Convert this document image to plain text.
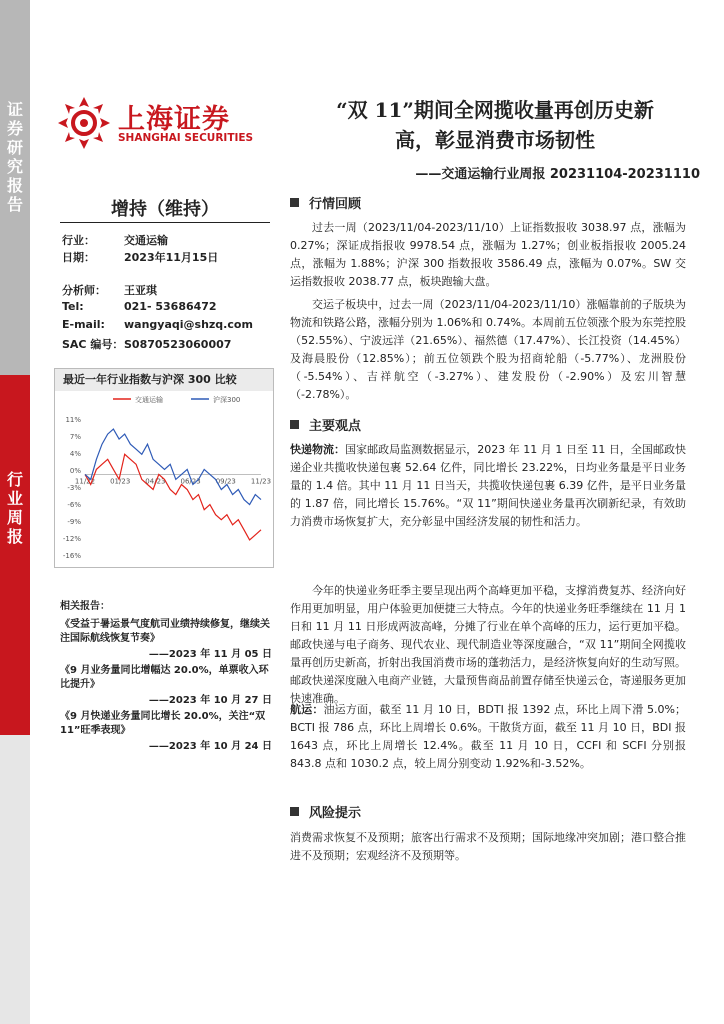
证券研究报告
行业周报
上海证券
SHANGHAI SECURITIES
“双 11”期间全网揽收量再创历史新
高，彰显消费市场韧性
——交通运输行业周报 20231104-20231110
增持（维持）
行业：	交通运输
日期：	2023年11月15日
分析师： 王亚琪
Tel:	021- 53686472
E-mail: wangyaqi@shzq.com
SAC 编号：S0870523060007
最近一年行业指数与沪深 300 比较
交通运输	沪深300
11%
7%
4%
0%
-3%
-6%
-9%
-12%
-16%
11/22 01/23 04/23 06/23 09/23 11/23
相关报告：
《受益于暑运景气度航司业绩持续修复，继续关注国际航线恢复节奏》
——2023 年 11 月 05 日
《9 月业务量同比增幅达 20.0%，单票收入环比提升》
——2023 年 10 月 27 日
《9 月快递业务量同比增长 20.0%，关注“双 11”旺季表现》
——2023 年 10 月 24 日
行情回顾
过去一周（2023/11/04-2023/11/10）上证指数报收 3038.97 点，涨幅为 0.27%；深证成指报收 9978.54 点，涨幅为 1.27%；创业板指报收 2005.24 点，涨幅为 1.88%；沪深 300 指数报收 3586.49 点，涨幅为 0.07%。SW 交运指数报收 2038.77 点，板块跑输大盘。
交运子板块中，过去一周（2023/11/04-2023/11/10）涨幅靠前的子版块为物流和铁路公路，涨幅分别为 1.06%和 0.74%。本周前五位领涨个股为东莞控股（52.55%）、宁波远洋（21.65%）、福然德（17.47%）、长江投资（14.45%）及海晨股份（12.85%）；前五位领跌个股为招商轮船（-5.77%）、龙洲股份（-5.54%）、吉祥航空（-3.27%）、建发股份（-2.90%）及宏川智慧（-2.78%）。
主要观点
快递物流：国家邮政局监测数据显示，2023 年 11 月 1 日至 11 日，全国邮政快递企业共揽收快递包裹 52.64 亿件，同比增长 23.22%，日均业务量是平日业务量的 1.4 倍。其中 11 月 11 日当天，共揽收快递包裹 6.39 亿件，是平日业务量的 1.87 倍，同比增长 15.76%。“双 11”期间快递业务量再次刷新纪录，有效助力消费市场恢复扩大，充分彰显中国经济发展的韧性和活力。
今年的快递业务旺季主要呈现出两个高峰更加平稳，支撑消费复苏、经济向好作用更加明显，用户体验更加便捷三大特点。今年的快递业务旺季继续在 11 月 1 日和 11 月 11 日形成两波高峰，分摊了行业在单个高峰的压力，运行更加平稳。邮政快递与电子商务、现代农业、现代制造业等深度融合，“双 11”期间全网揽收量再创历史新高，折射出我国消费市场的蓬勃活力，是经济恢复向好的生动写照。邮政快递深度融入电商产业链，大量预售商品前置存储至快递云仓，寄递服务更加快速准确。
航运：油运方面，截至 11 月 10 日，BDTI 报 1392 点，环比上周下滑 5.0%；BCTI 报 786 点，环比上周增长 0.6%。干散货方面，截至 11 月 10 日，BDI 报 1643 点，环比上周增长 12.4%。截至 11 月 10 日，CCFI 和 SCFI 分别报 843.8 点和 1030.2 点，较上周分别变动 1.92%和-3.52%。
风险提示
消费需求恢复不及预期；旅客出行需求不及预期；国际地缘冲突加剧；港口整合推进不及预期；宏观经济不及预期等。
